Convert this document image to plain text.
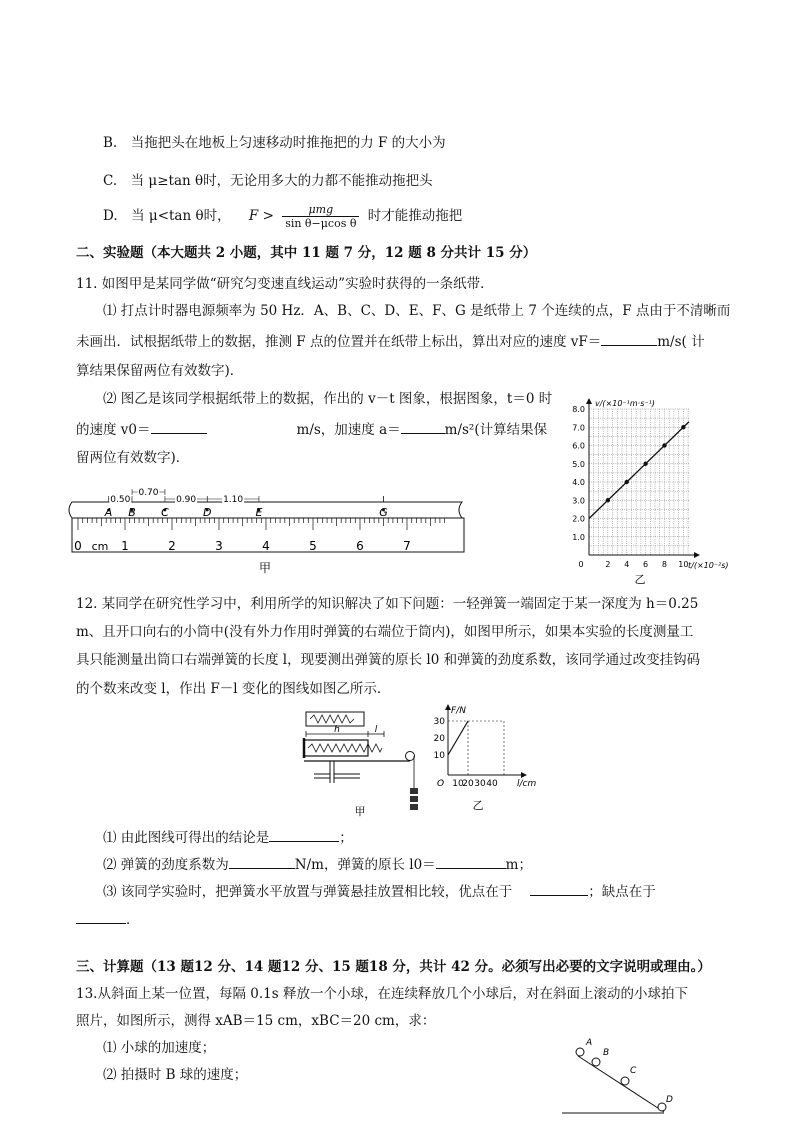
B.　当拖把头在地板上匀速移动时推拖把的力 F 的大小为
C.　当 μ≥tan θ时，无论用多大的力都不能推动拖把头
D.　当 μ<tan θ时， $F > \frac{\text{μmg}}{\text{sin θ−μcos θ}}$ 时才能推动拖把
二、实验题（本大题共 2 小题，其中 11 题 7 分，12 题 8 分共计 15 分）
11. 如图甲是某同学做“研究匀变速直线运动”实验时获得的一条纸带．
⑴ 打点计时器电源频率为 50 Hz．A、B、C、D、E、F、G 是纸带上 7 个连续的点，F 点由于不清晰而
未画出．试根据纸带上的数据，推测 F 点的位置并在纸带上标出，算出对应的速度 vF＝	m/s( 计
算结果保留两位有效数字)．
⑵ 图乙是该同学根据纸带上的数据，作出的 v－t 图象，根据图象，t＝0 时
的速度 v0＝	m/s，加速度 a＝	m/s²(计算结果保
留两位有效数字)．
A B C	D	E	G
0.50
0.70
0.90	1.10
0	1	2	3	4	5	6	7
cm
甲
1.0
2.0
3.0
4.0
5.0
6.0
7.0
8.0
0	2 4 6 8 10
v/(×10⁻¹m·s⁻¹)
t/(×10⁻²s)
乙
12. 某同学在研究性学习中，利用所学的知识解决了如下问题：一轻弹簧一端固定于某一深度为 h＝0.25
m、且开口向右的小筒中(没有外力作用时弹簧的右端位于筒内)，如图甲所示，如果本实验的长度测量工
具只能测量出筒口右端弹簧的长度 l，现要测出弹簧的原长 l0 和弹簧的劲度系数，该同学通过改变挂钩码
的个数来改变 l，作出 F－l 变化的图线如图乙所示．
h	l
甲
F/N
l/cm
O
10
20
30
10
20 30 40
乙
⑴ 由此图线可得出的结论是	；
⑵ 弹簧的劲度系数为	N/m，弹簧的原长 l0＝	m；
⑶ 该同学实验时，把弹簧水平放置与弹簧悬挂放置相比较，优点在于	；缺点在于
．
三、计算题（13 题12 分、14 题12 分、15 题18 分，共计 42 分。必须写出必要的文字说明或理由。）
13.从斜面上某一位置，每隔 0.1s 释放一个小球，在连续释放几个小球后，对在斜面上滚动的小球拍下
照片，如图所示，测得 xAB＝15 cm，xBC＝20 cm，求：
⑴ 小球的加速度；
⑵ 拍摄时 B 球的速度；
A
B
C
D
